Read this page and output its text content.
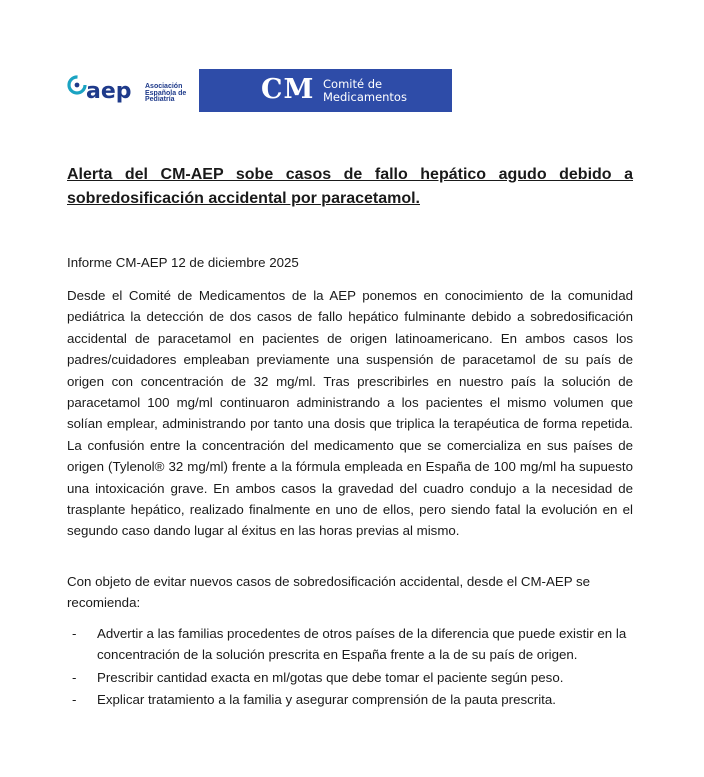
aep Asociación
Española de
Pediatría	CM Comité de
Medicamentos
Alerta del CM-AEP sobe casos de fallo hepático agudo debido a sobredosificación accidental por paracetamol.

Informe CM-AEP 12 de diciembre 2025

Desde el Comité de Medicamentos de la AEP ponemos en conocimiento de la comunidad pediátrica la detección de dos casos de fallo hepático fulminante debido a sobredosificación accidental de paracetamol en pacientes de origen latinoamericano. En ambos casos los padres/cuidadores empleaban previamente una suspensión de paracetamol de su país de origen con concentración de 32 mg/ml. Tras prescribirles en nuestro país la solución de paracetamol 100 mg/ml continuaron administrando a los pacientes el mismo volumen que solían emplear, administrando por tanto una dosis que triplica la terapéutica de forma repetida. La confusión entre la concentración del medicamento que se comercializa en sus países de origen (Tylenol® 32 mg/ml) frente a la fórmula empleada en España de 100 mg/ml ha supuesto una intoxicación grave. En ambos casos la gravedad del cuadro condujo a la necesidad de trasplante hepático, realizado finalmente en uno de ellos, pero siendo fatal la evolución en el segundo caso dando lugar al éxitus en las horas previas al mismo.

Con objeto de evitar nuevos casos de sobredosificación accidental, desde el CM-AEP se recomienda:

- Advertir a las familias procedentes de otros países de la diferencia que puede existir en la concentración de la solución prescrita en España frente a la de su país de origen.
- Prescribir cantidad exacta en ml/gotas que debe tomar el paciente según peso.
- Explicar tratamiento a la familia y asegurar comprensión de la pauta prescrita.
